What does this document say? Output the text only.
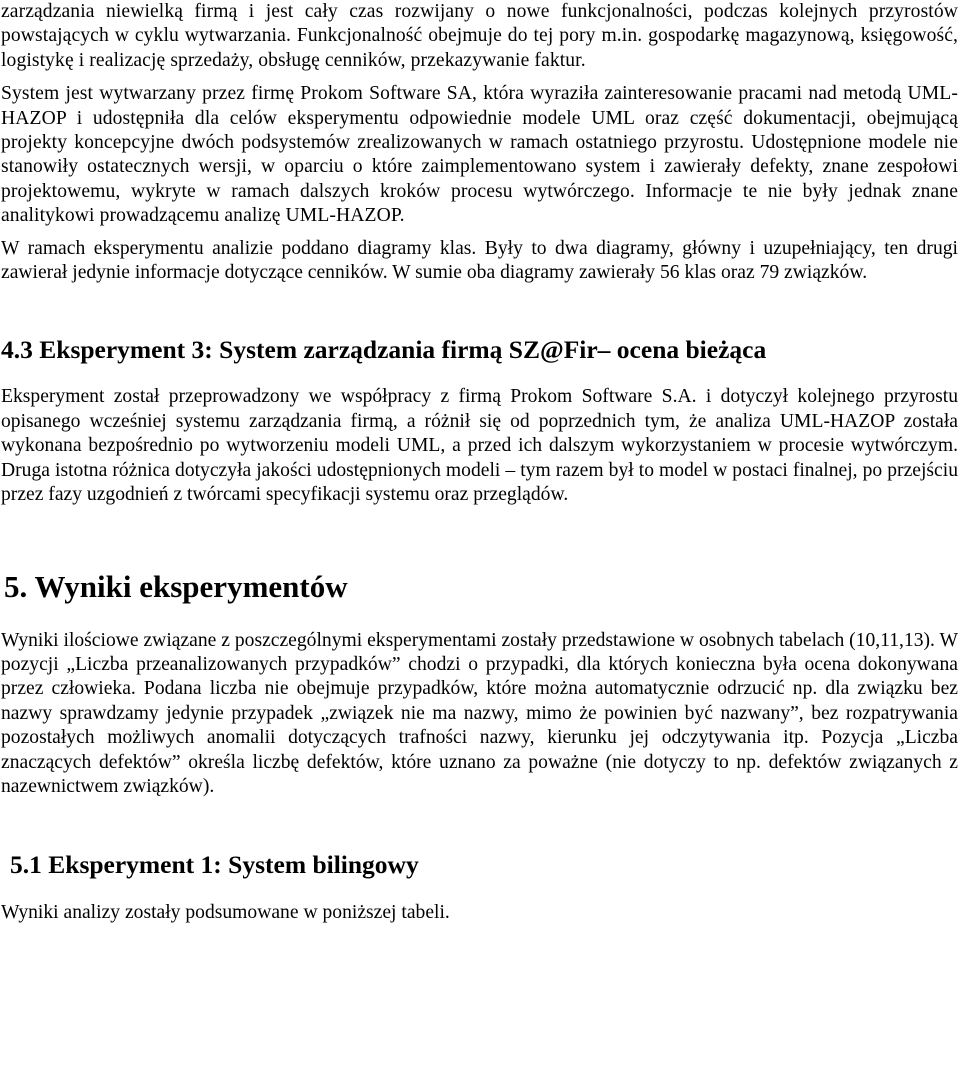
zarządzania niewielką firmą i jest cały czas rozwijany o nowe funkcjonalności, podczas kolejnych przyrostów powstających w cyklu wytwarzania. Funkcjonalność obejmuje do tej pory m.in. gospodarkę magazynową, księgowość, logistykę i realizację sprzedaży, obsługę cenników, przekazywanie faktur.

System jest wytwarzany przez firmę Prokom Software SA, która wyraziła zainteresowanie pracami nad metodą UML-HAZOP i udostępniła dla celów eksperymentu odpowiednie modele UML oraz część dokumentacji, obejmującą projekty koncepcyjne dwóch podsystemów zrealizowanych w ramach ostatniego przyrostu. Udostępnione modele nie stanowiły ostatecznych wersji, w oparciu o które zaimplementowano system i zawierały defekty, znane zespołowi projektowemu, wykryte w ramach dalszych kroków procesu wytwórczego. Informacje te nie były jednak znane analitykowi prowadzącemu analizę UML-HAZOP.

W ramach eksperymentu analizie poddano diagramy klas. Były to dwa diagramy, główny i uzupełniający, ten drugi zawierał jedynie informacje dotyczące cenników. W sumie oba diagramy zawierały 56 klas oraz 79 związków.

4.3 Eksperyment 3: System zarządzania firmą SZ@Fir– ocena bieżąca

Eksperyment został przeprowadzony we współpracy z firmą Prokom Software S.A. i dotyczył kolejnego przyrostu opisanego wcześniej systemu zarządzania firmą, a różnił się od poprzednich tym, że analiza UML-HAZOP została wykonana bezpośrednio po wytworzeniu modeli UML, a przed ich dalszym wykorzystaniem w procesie wytwórczym. Druga istotna różnica dotyczyła jakości udostępnionych modeli – tym razem był to model w postaci finalnej, po przejściu przez fazy uzgodnień z twórcami specyfikacji systemu oraz przeglądów.

5. Wyniki eksperymentów

Wyniki ilościowe związane z poszczególnymi eksperymentami zostały przedstawione w osobnych tabelach (10,11,13). W pozycji „Liczba przeanalizowanych przypadków” chodzi o przypadki, dla których konieczna była ocena dokonywana przez człowieka. Podana liczba nie obejmuje przypadków, które można automatycznie odrzucić np. dla związku bez nazwy sprawdzamy jedynie przypadek „związek nie ma nazwy, mimo że powinien być nazwany”, bez rozpatrywania pozostałych możliwych anomalii dotyczących trafności nazwy, kierunku jej odczytywania itp. Pozycja „Liczba znaczących defektów” określa liczbę defektów, które uznano za poważne (nie dotyczy to np. defektów związanych z nazewnictwem związków).

5.1 Eksperyment 1: System bilingowy

Wyniki analizy zostały podsumowane w poniższej tabeli.
